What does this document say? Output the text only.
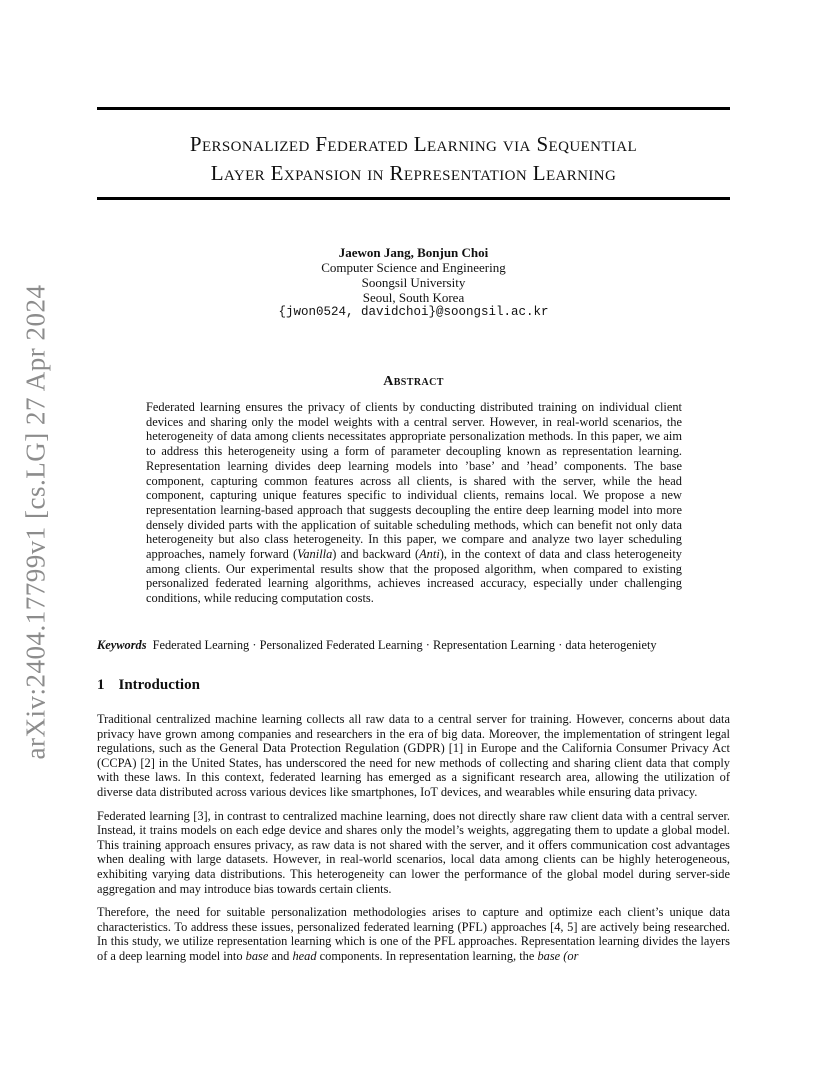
arXiv:2404.17799v1 [cs.LG] 27 Apr 2024
Personalized Federated Learning via Sequential
Layer Expansion in Representation Learning
Jaewon Jang, Bonjun Choi
Computer Science and Engineering
Soongsil University
Seoul, South Korea
{jwon0524, davidchoi}@soongsil.ac.kr
Abstract
Federated learning ensures the privacy of clients by conducting distributed training on individual client devices and sharing only the model weights with a central server. However, in real-world scenarios, the heterogeneity of data among clients necessitates appropriate personalization methods. In this paper, we aim to address this heterogeneity using a form of parameter decoupling known as representation learning. Representation learning divides deep learning models into ’base’ and ’head’ components. The base component, capturing common features across all clients, is shared with the server, while the head component, capturing unique features specific to individual clients, remains local. We propose a new representation learning-based approach that suggests decoupling the entire deep learning model into more densely divided parts with the application of suitable scheduling methods, which can benefit not only data heterogeneity but also class heterogeneity. In this paper, we compare and analyze two layer scheduling approaches, namely forward (Vanilla) and backward (Anti), in the context of data and class heterogeneity among clients. Our experimental results show that the proposed algorithm, when compared to existing personalized federated learning algorithms, achieves increased accuracy, especially under challenging conditions, while reducing computation costs.
Keywords Federated Learning · Personalized Federated Learning · Representation Learning · data heterogeniety
1 Introduction

Traditional centralized machine learning collects all raw data to a central server for training. However, concerns about data privacy have grown among companies and researchers in the era of big data. Moreover, the implementation of stringent legal regulations, such as the General Data Protection Regulation (GDPR) [1] in Europe and the California Consumer Privacy Act (CCPA) [2] in the United States, has underscored the need for new methods of collecting and sharing client data that comply with these laws. In this context, federated learning has emerged as a significant research area, allowing the utilization of diverse data distributed across various devices like smartphones, IoT devices, and wearables while ensuring data privacy.

Federated learning [3], in contrast to centralized machine learning, does not directly share raw client data with a central server. Instead, it trains models on each edge device and shares only the model’s weights, aggregating them to update a global model. This training approach ensures privacy, as raw data is not shared with the server, and it offers communication cost advantages when dealing with large datasets. However, in real-world scenarios, local data among clients can be highly heterogeneous, exhibiting varying data distributions. This heterogeneity can lower the performance of the global model during server-side aggregation and may introduce bias towards certain clients.

Therefore, the need for suitable personalization methodologies arises to capture and optimize each client’s unique data characteristics. To address these issues, personalized federated learning (PFL) approaches [4, 5] are actively being researched. In this study, we utilize representation learning which is one of the PFL approaches. Representation learning divides the layers of a deep learning model into base and head components. In representation learning, the base (or
